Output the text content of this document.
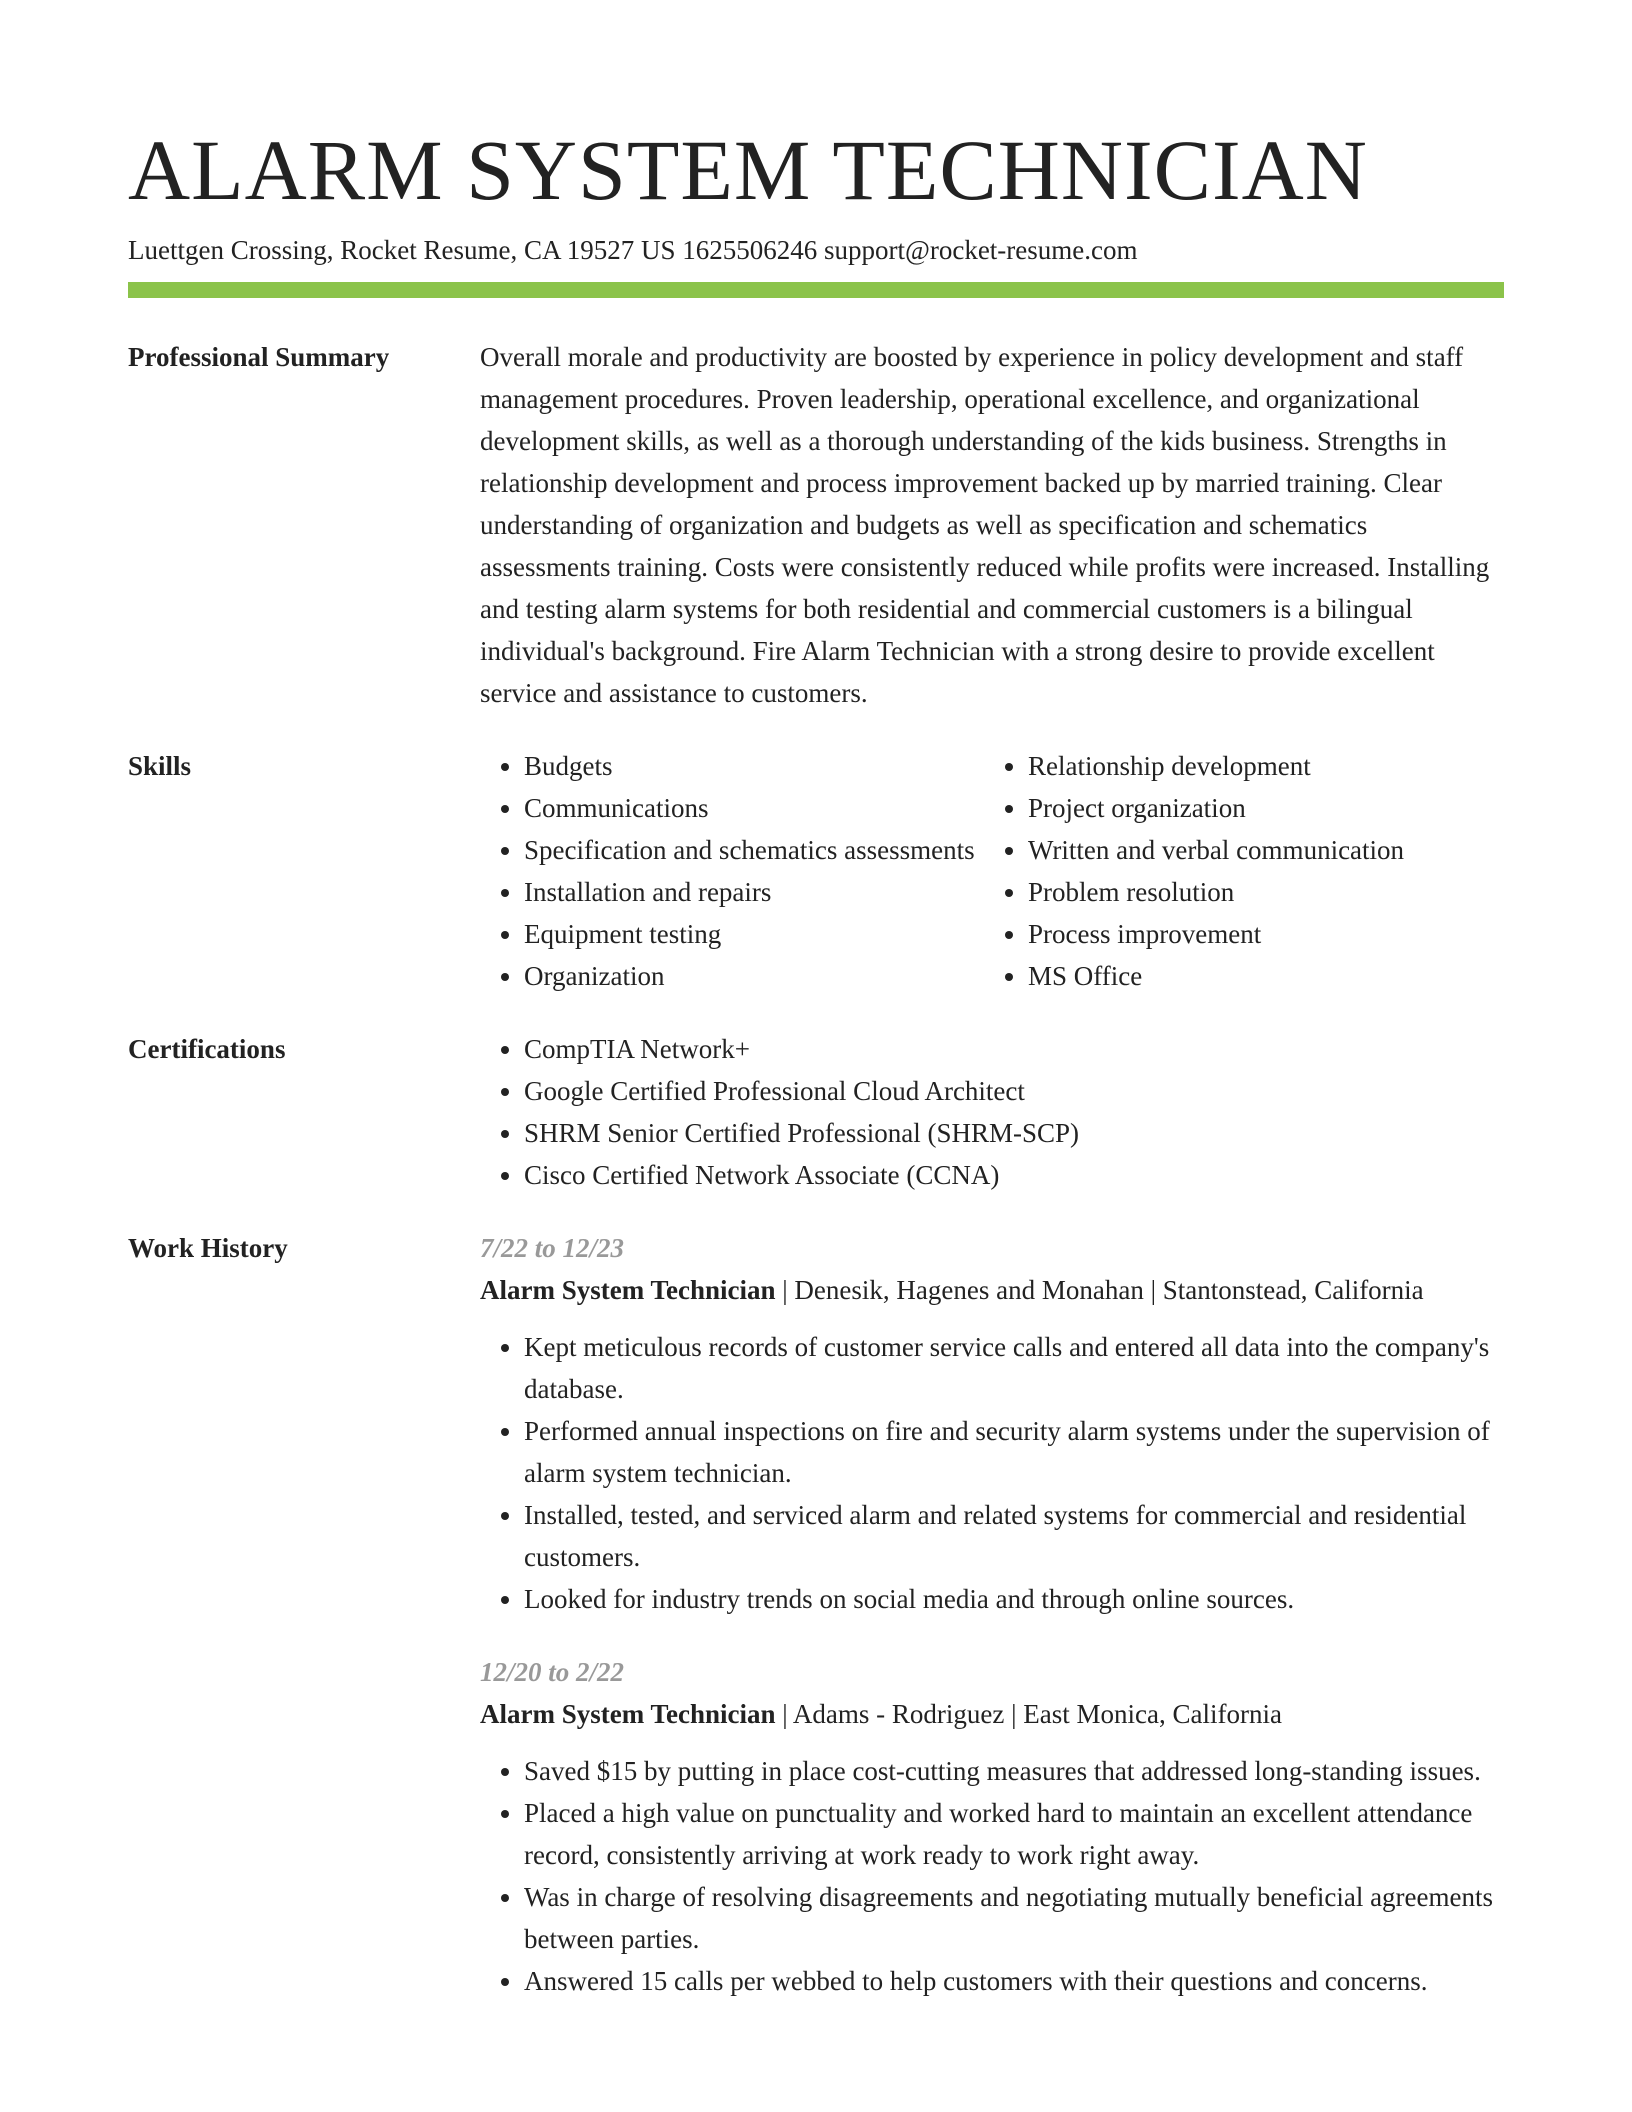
ALARM SYSTEM TECHNICIAN
Luettgen Crossing, Rocket Resume, CA 19527 US 1625506246 support@rocket-resume.com
Professional Summary	Overall morale and productivity are boosted by experience in policy development and staff management procedures. Proven leadership, operational excellence, and organizational development skills, as well as a thorough understanding of the kids business. Strengths in relationship development and process improvement backed up by married training. Clear understanding of organization and budgets as well as specification and schematics assessments training. Costs were consistently reduced while profits were increased. Installing and testing alarm systems for both residential and commercial customers is a bilingual individual's background. Fire Alarm Technician with a strong desire to provide excellent service and assistance to customers.
Skills	• Budgets
• Communications
• Specification and schematics assessments
• Installation and repairs
• Equipment testing
• Organization
• Relationship development
• Project organization
• Written and verbal communication
• Problem resolution
• Process improvement
• MS Office
Certifications	• CompTIA Network+
• Google Certified Professional Cloud Architect
• SHRM Senior Certified Professional (SHRM-SCP)
• Cisco Certified Network Associate (CCNA)
Work History	7/22 to 12/23
Alarm System Technician | Denesik, Hagenes and Monahan | Stantonstead, California
• Kept meticulous records of customer service calls and entered all data into the company's database.
• Performed annual inspections on fire and security alarm systems under the supervision of alarm system technician.
• Installed, tested, and serviced alarm and related systems for commercial and residential customers.
• Looked for industry trends on social media and through online sources.
12/20 to 2/22
Alarm System Technician | Adams - Rodriguez | East Monica, California
• Saved $15 by putting in place cost-cutting measures that addressed long-standing issues.
• Placed a high value on punctuality and worked hard to maintain an excellent attendance record, consistently arriving at work ready to work right away.
• Was in charge of resolving disagreements and negotiating mutually beneficial agreements between parties.
• Answered 15 calls per webbed to help customers with their questions and concerns.
